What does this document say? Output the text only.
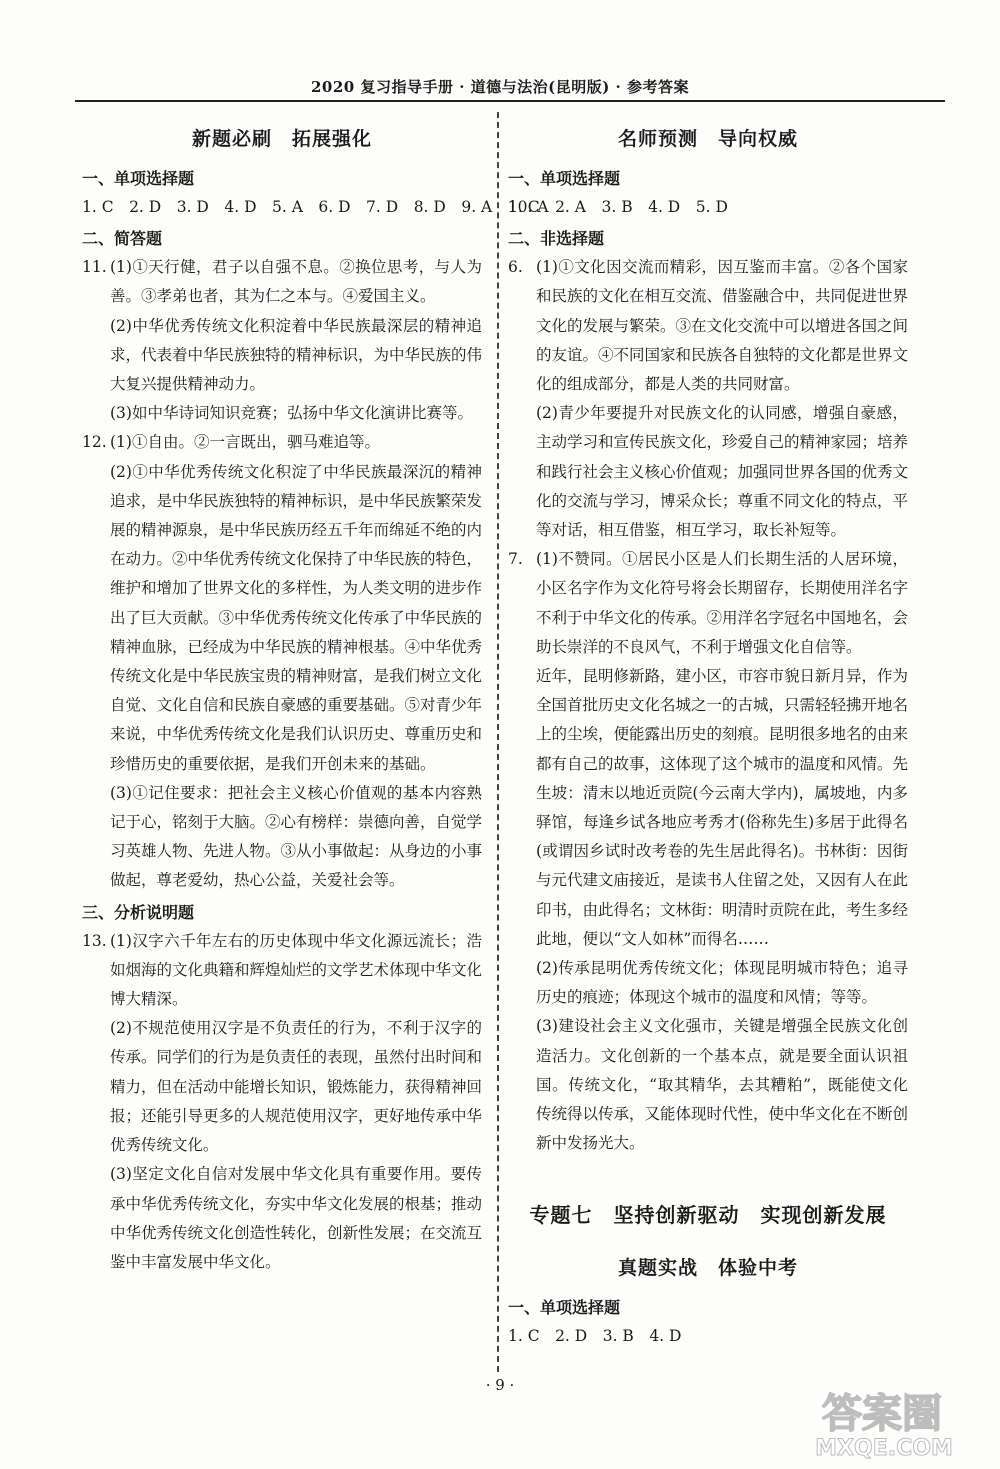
2020 复习指导手册 · 道德与法治(昆明版) · 参考答案
新题必刷　拓展强化
一、单项选择题

1. C　2. D　3. D　4. D　5. A　6. D　7. D　8. D　9. A　10. A

二、简答题
11. (1)①天行健，君子以自强不息。②换位思考，与人为善。③孝弟也者，其为仁之本与。④爱国主义。

(2)中华优秀传统文化积淀着中华民族最深层的精神追求，代表着中华民族独特的精神标识，为中华民族的伟大复兴提供精神动力。

(3)如中华诗词知识竞赛；弘扬中华文化演讲比赛等。

12. (1)①自由。②一言既出，驷马难追等。

(2)①中华优秀传统文化积淀了中华民族最深沉的精神追求，是中华民族独特的精神标识，是中华民族繁荣发展的精神源泉，是中华民族历经五千年而绵延不绝的内在动力。②中华优秀传统文化保持了中华民族的特色，维护和增加了世界文化的多样性，为人类文明的进步作出了巨大贡献。③中华优秀传统文化传承了中华民族的精神血脉，已经成为中华民族的精神根基。④中华优秀传统文化是中华民族宝贵的精神财富，是我们树立文化自觉、文化自信和民族自豪感的重要基础。⑤对青少年来说，中华优秀传统文化是我们认识历史、尊重历史和珍惜历史的重要依据，是我们开创未来的基础。

(3)①记住要求：把社会主义核心价值观的基本内容熟记于心，铭刻于大脑。②心有榜样：崇德向善，自觉学习英雄人物、先进人物。③从小事做起：从身边的小事做起，尊老爱幼，热心公益，关爱社会等。

三、分析说明题
13. (1)汉字六千年左右的历史体现中华文化源远流长；浩如烟海的文化典籍和辉煌灿烂的文学艺术体现中华文化博大精深。

(2)不规范使用汉字是不负责任的行为，不利于汉字的传承。同学们的行为是负责任的表现，虽然付出时间和精力，但在活动中能增长知识，锻炼能力，获得精神回报；还能引导更多的人规范使用汉字，更好地传承中华优秀传统文化。

(3)坚定文化自信对发展中华文化具有重要作用。要传承中华优秀传统文化，夯实中华文化发展的根基；推动中华优秀传统文化创造性转化，创新性发展；在交流互鉴中丰富发展中华文化。

名师预测　导向权威
一、单项选择题

1. C　2. A　3. B　4. D　5. D

二、非选择题
6. (1)①文化因交流而精彩，因互鉴而丰富。②各个国家和民族的文化在相互交流、借鉴融合中，共同促进世界文化的发展与繁荣。③在文化交流中可以增进各国之间的友谊。④不同国家和民族各自独特的文化都是世界文化的组成部分，都是人类的共同财富。

(2)青少年要提升对民族文化的认同感，增强自豪感，主动学习和宣传民族文化，珍爱自己的精神家园；培养和践行社会主义核心价值观；加强同世界各国的优秀文化的交流与学习，博采众长；尊重不同文化的特点，平等对话，相互借鉴，相互学习，取长补短等。

7. (1)不赞同。①居民小区是人们长期生活的人居环境，小区名字作为文化符号将会长期留存，长期使用洋名字不利于中华文化的传承。②用洋名字冠名中国地名，会助长崇洋的不良风气，不利于增强文化自信等。

近年，昆明修新路，建小区，市容市貌日新月异，作为全国首批历史文化名城之一的古城，只需轻轻拂开地名上的尘埃，便能露出历史的刻痕。昆明很多地名的由来都有自己的故事，这体现了这个城市的温度和风情。先生坡：清末以地近贡院(今云南大学内)，属坡地，内多驿馆，每逢乡试各地应考秀才(俗称先生)多居于此得名(或谓因乡试时改考卷的先生居此得名)。书林街：因街与元代建文庙接近，是读书人住留之处，又因有人在此印书，由此得名；文林街：明清时贡院在此，考生多经此地，便以“文人如林”而得名……

(2)传承昆明优秀传统文化；体现昆明城市特色；追寻历史的痕迹；体现这个城市的温度和风情；等等。

(3)建设社会主义文化强市，关键是增强全民族文化创造活力。文化创新的一个基本点，就是要全面认识祖国。传统文化，“取其精华，去其糟粕”，既能使文化传统得以传承，又能体现时代性，使中华文化在不断创新中发扬光大。

专题七　坚持创新驱动　实现创新发展
真题实战　体验中考
一、单项选择题

1. C　2. D　3. B　4. D

· 9 ·
答案圈
MXQE.COM
